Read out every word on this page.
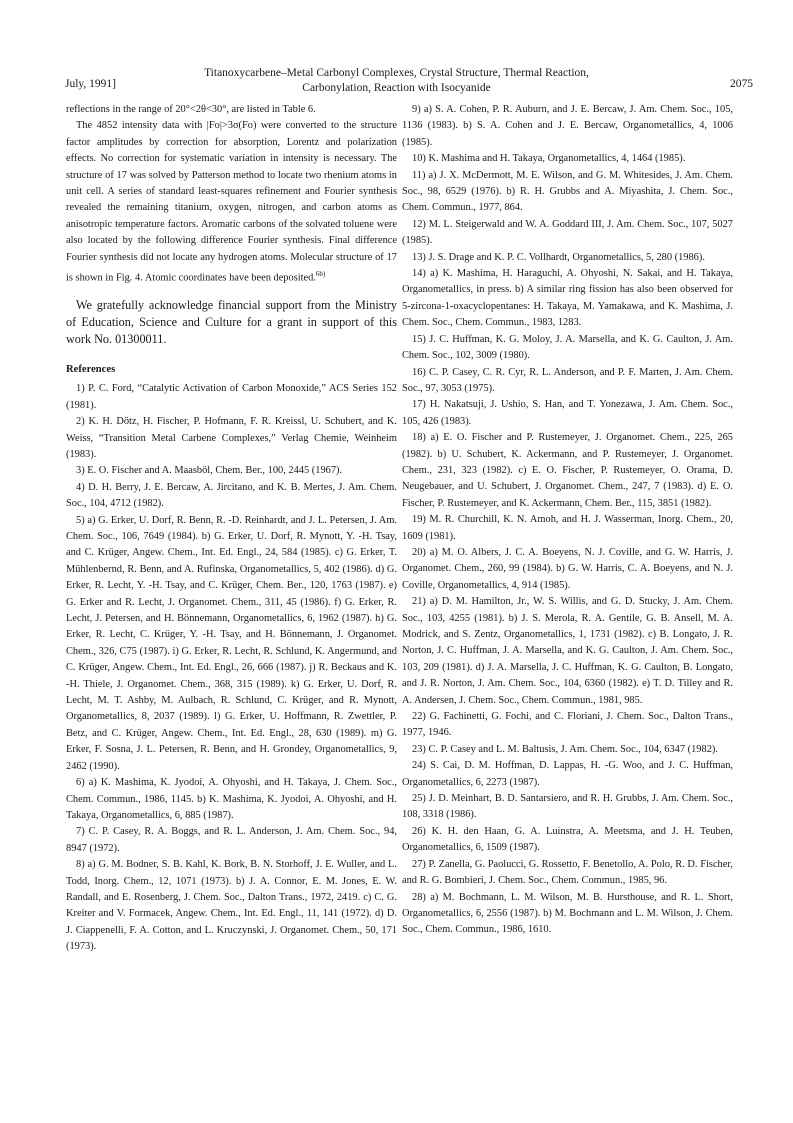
July, 1991]
Titanoxycarbene–Metal Carbonyl Complexes, Crystal Structure, Thermal Reaction,
Carbonylation, Reaction with Isocyanide	2075

reflections in the range of 20°<2θ<30°, are listed in Table 6.

The 4852 intensity data with |Fo|>3σ(Fo) were converted to the structure factor amplitudes by correction for absorption, Lorentz and polarization effects. No correction for systematic variation in intensity is necessary. The structure of 17 was solved by Patterson method to locate two rhenium atoms in unit cell. A series of standard least-squares refinement and Fourier synthesis revealed the remaining titanium, oxygen, nitrogen, and carbon atoms as anisotropic temperature factors. Aromatic carbons of the solvated toluene were also located by the following difference Fourier synthesis. Final difference Fourier synthesis did not locate any hydrogen atoms. Molecular structure of 17 is shown in Fig. 4. Atomic coordinates have been deposited.$^{6b)}$

We gratefully acknowledge financial support from the Ministry of Education, Science and Culture for a grant in support of this work No. 01300011.

References

1) P. C. Ford, “Catalytic Activation of Carbon Monoxide,” ACS Series 152 (1981).

2) K. H. Dötz, H. Fischer, P. Hofmann, F. R. Kreissl, U. Schubert, and K. Weiss, “Transition Metal Carbene Complexes,” Verlag Chemie, Weinheim (1983).

3) E. O. Fischer and A. Maasböl, Chem. Ber., 100, 2445 (1967).

4) D. H. Berry, J. E. Bercaw, A. Jircitano, and K. B. Mertes, J. Am. Chem. Soc., 104, 4712 (1982).

5) a) G. Erker, U. Dorf, R. Benn, R. -D. Reinhardt, and J. L. Petersen, J. Am. Chem. Soc., 106, 7649 (1984). b) G. Erker, U. Dorf, R. Mynott, Y. -H. Tsay, and C. Krüger, Angew. Chem., Int. Ed. Engl., 24, 584 (1985). c) G. Erker, T. Mühlenbernd, R. Benn, and A. Rufinska, Organometallics, 5, 402 (1986). d) G. Erker, R. Lecht, Y. -H. Tsay, and C. Krüger, Chem. Ber., 120, 1763 (1987). e) G. Erker and R. Lecht, J. Organomet. Chem., 311, 45 (1986). f) G. Erker, R. Lecht, J. Petersen, and H. Bönnemann, Organometallics, 6, 1962 (1987). h) G. Erker, R. Lecht, C. Krüger, Y. -H. Tsay, and H. Bönnemann, J. Organomet. Chem., 326, C75 (1987). i) G. Erker, R. Lecht, R. Schlund, K. Angermund, and C. Krüger, Angew. Chem., Int. Ed. Engl., 26, 666 (1987). j) R. Beckaus and K. -H. Thiele, J. Organomet. Chem., 368, 315 (1989). k) G. Erker, U. Dorf, R. Lecht, M. T. Ashby, M. Aulbach, R. Schlund, C. Krüger, and R. Mynott, Organometallics, 8, 2037 (1989). l) G. Erker, U. Hoffmann, R. Zwettler, P. Betz, and C. Krüger, Angew. Chem., Int. Ed. Engl., 28, 630 (1989). m) G. Erker, F. Sosna, J. L. Petersen, R. Benn, and H. Grondey, Organometallics, 9, 2462 (1990).

6) a) K. Mashima, K. Jyodoi, A. Ohyoshi, and H. Takaya, J. Chem. Soc., Chem. Commun., 1986, 1145. b) K. Mashima, K. Jyodoi, A. Ohyoshi, and H. Takaya, Organometallics, 6, 885 (1987).

7) C. P. Casey, R. A. Boggs, and R. L. Anderson, J. Am. Chem. Soc., 94, 8947 (1972).

8) a) G. M. Bodner, S. B. Kahl, K. Bork, B. N. Storhoff, J. E. Wuller, and L. Todd, Inorg. Chem., 12, 1071 (1973). b) J. A. Connor, E. M. Jones, E. W. Randall, and E. Rosenberg, J. Chem. Soc., Dalton Trans., 1972, 2419. c) C. G. Kreiter and V. Formacek, Angew. Chem., Int. Ed. Engl., 11, 141 (1972). d) D. J. Ciappenelli, F. A. Cotton, and L. Kruczynski, J. Organomet. Chem., 50, 171 (1973).

9) a) S. A. Cohen, P. R. Auburn, and J. E. Bercaw, J. Am. Chem. Soc., 105, 1136 (1983). b) S. A. Cohen and J. E. Bercaw, Organometallics, 4, 1006 (1985).

10) K. Mashima and H. Takaya, Organometallics, 4, 1464 (1985).

11) a) J. X. McDermott, M. E. Wilson, and G. M. Whitesides, J. Am. Chem. Soc., 98, 6529 (1976). b) R. H. Grubbs and A. Miyashita, J. Chem. Soc., Chem. Commun., 1977, 864.

12) M. L. Steigerwald and W. A. Goddard III, J. Am. Chem. Soc., 107, 5027 (1985).

13) J. S. Drage and K. P. C. Vollhardt, Organometallics, 5, 280 (1986).

14) a) K. Mashima, H. Haraguchi, A. Ohyoshi, N. Sakai, and H. Takaya, Organometallics, in press. b) A similar ring fission has also been observed for 5-zircona-1-oxacyclopentanes: H. Takaya, M. Yamakawa, and K. Mashima, J. Chem. Soc., Chem. Commun., 1983, 1283.

15) J. C. Huffman, K. G. Moloy, J. A. Marsella, and K. G. Caulton, J. Am. Chem. Soc., 102, 3009 (1980).

16) C. P. Casey, C. R. Cyr, R. L. Anderson, and P. F. Marten, J. Am. Chem. Soc., 97, 3053 (1975).

17) H. Nakatsuji, J. Ushio, S. Han, and T. Yonezawa, J. Am. Chem. Soc., 105, 426 (1983).

18) a) E. O. Fischer and P. Rustemeyer, J. Organomet. Chem., 225, 265 (1982). b) U. Schubert, K. Ackermann, and P. Rustemeyer, J. Organomet. Chem., 231, 323 (1982). c) E. O. Fischer, P. Rustemeyer, O. Orama, D. Neugebauer, and U. Schubert, J. Organomet. Chem., 247, 7 (1983). d) E. O. Fischer, P. Rustemeyer, and K. Ackermann, Chem. Ber., 115, 3851 (1982).

19) M. R. Churchill, K. N. Amoh, and H. J. Wasserman, Inorg. Chem., 20, 1609 (1981).

20) a) M. O. Albers, J. C. A. Boeyens, N. J. Coville, and G. W. Harris, J. Organomet. Chem., 260, 99 (1984). b) G. W. Harris, C. A. Boeyens, and N. J. Coville, Organometallics, 4, 914 (1985).

21) a) D. M. Hamilton, Jr., W. S. Willis, and G. D. Stucky, J. Am. Chem. Soc., 103, 4255 (1981). b) J. S. Merola, R. A. Gentile, G. B. Ansell, M. A. Modrick, and S. Zentz, Organometallics, 1, 1731 (1982). c) B. Longato, J. R. Norton, J. C. Huffman, J. A. Marsella, and K. G. Caulton, J. Am. Chem. Soc., 103, 209 (1981). d) J. A. Marsella, J. C. Huffman, K. G. Caulton, B. Longato, and J. R. Norton, J. Am. Chem. Soc., 104, 6360 (1982). e) T. D. Tilley and R. A. Andersen, J. Chem. Soc., Chem. Commun., 1981, 985.

22) G. Fachinetti, G. Fochi, and C. Floriani, J. Chem. Soc., Dalton Trans., 1977, 1946.

23) C. P. Casey and L. M. Baltusis, J. Am. Chem. Soc., 104, 6347 (1982).

24) S. Cai, D. M. Hoffman, D. Lappas, H. -G. Woo, and J. C. Huffman, Organometallics, 6, 2273 (1987).

25) J. D. Meinhart, B. D. Santarsiero, and R. H. Grubbs, J. Am. Chem. Soc., 108, 3318 (1986).

26) K. H. den Haan, G. A. Luinstra, A. Meetsma, and J. H. Teuben, Organometallics, 6, 1509 (1987).

27) P. Zanella, G. Paolucci, G. Rossetto, F. Benetollo, A. Polo, R. D. Fischer, and R. G. Bombieri, J. Chem. Soc., Chem. Commun., 1985, 96.

28) a) M. Bochmann, L. M. Wilson, M. B. Hursthouse, and R. L. Short, Organometallics, 6, 2556 (1987). b) M. Bochmann and L. M. Wilson, J. Chem. Soc., Chem. Commun., 1986, 1610.
